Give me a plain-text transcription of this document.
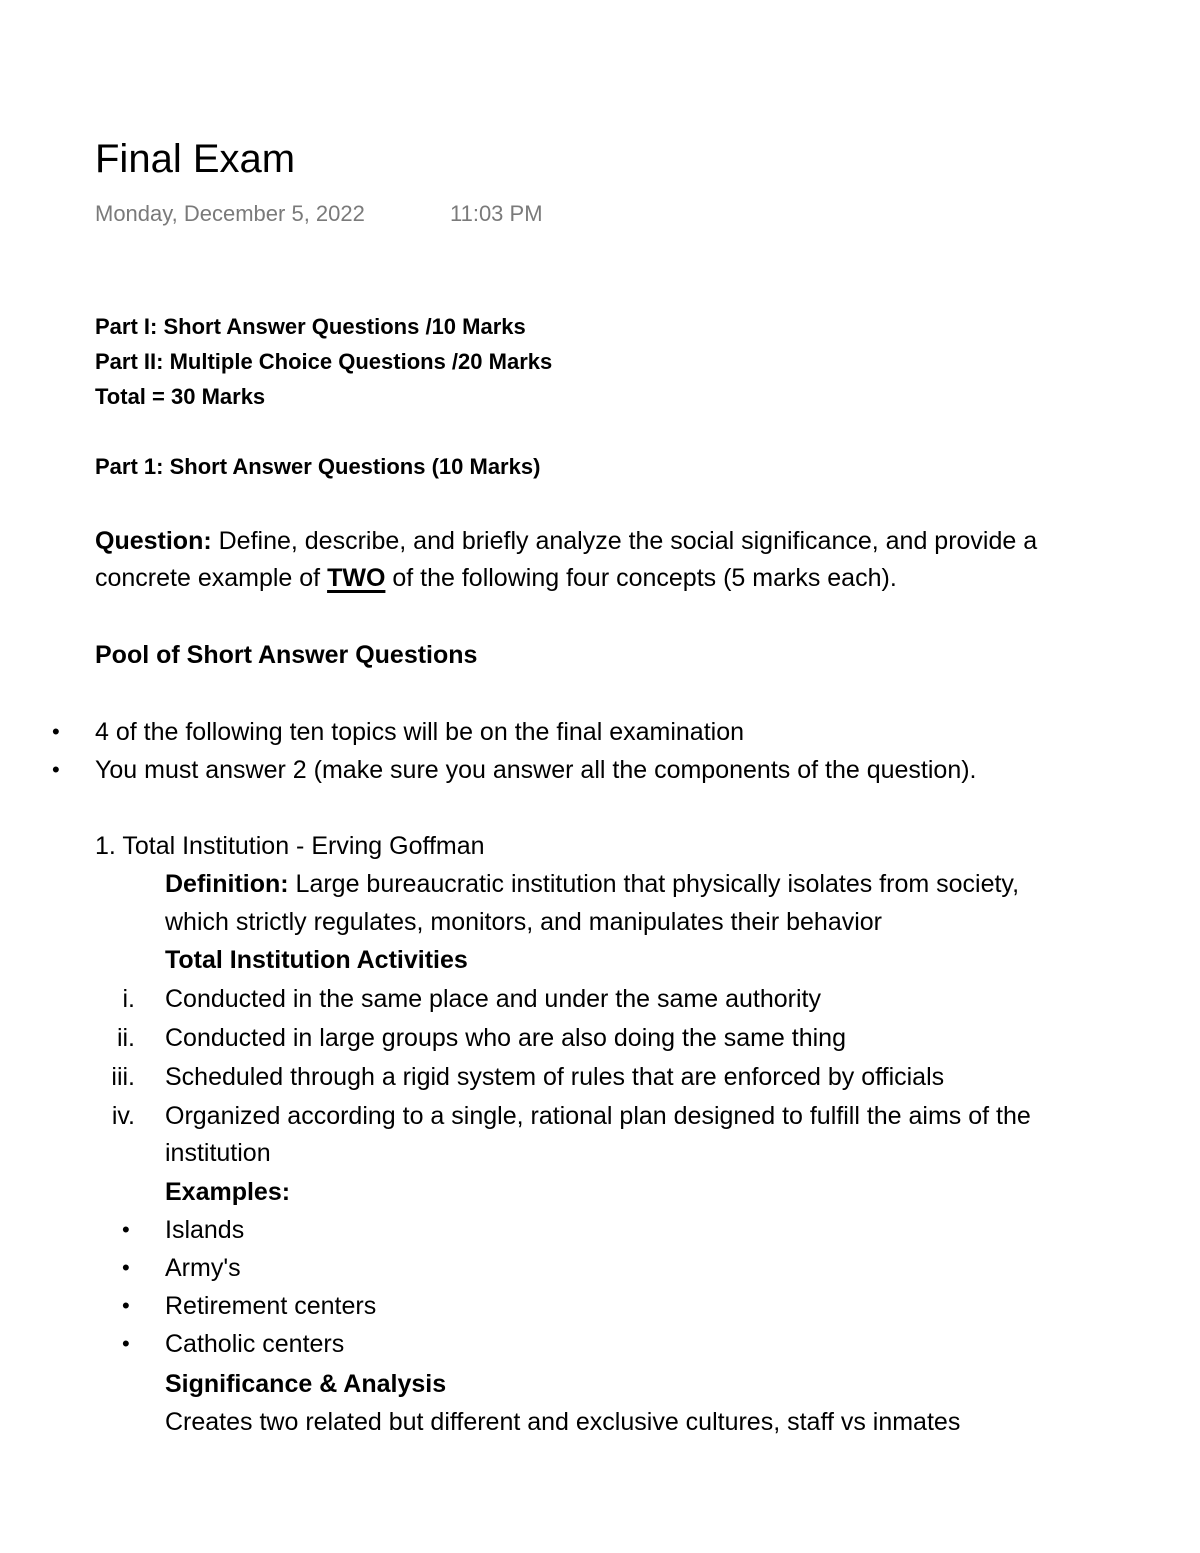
Final Exam
Monday, December 5, 2022	11:03 PM
Part I: Short Answer Questions /10 Marks
Part II: Multiple Choice Questions /20 Marks
Total = 30 Marks
Part 1: Short Answer Questions (10 Marks)
Question: Define, describe, and briefly analyze the social significance, and provide a
concrete example of TWO of the following four concepts (5 marks each).
Pool of Short Answer Questions
• 4 of the following ten topics will be on the final examination
• You must answer 2 (make sure you answer all the components of the question).
1. Total Institution - Erving Goffman
Definition: Large bureaucratic institution that physically isolates from society,
which strictly regulates, monitors, and manipulates their behavior
Total Institution Activities
i. Conducted in the same place and under the same authority
ii. Conducted in large groups who are also doing the same thing
iii. Scheduled through a rigid system of rules that are enforced by officials
iv. Organized according to a single, rational plan designed to fulfill the aims of the
institution
Examples:
• Islands
• Army's
• Retirement centers
• Catholic centers
Significance & Analysis
Creates two related but different and exclusive cultures, staff vs inmates
